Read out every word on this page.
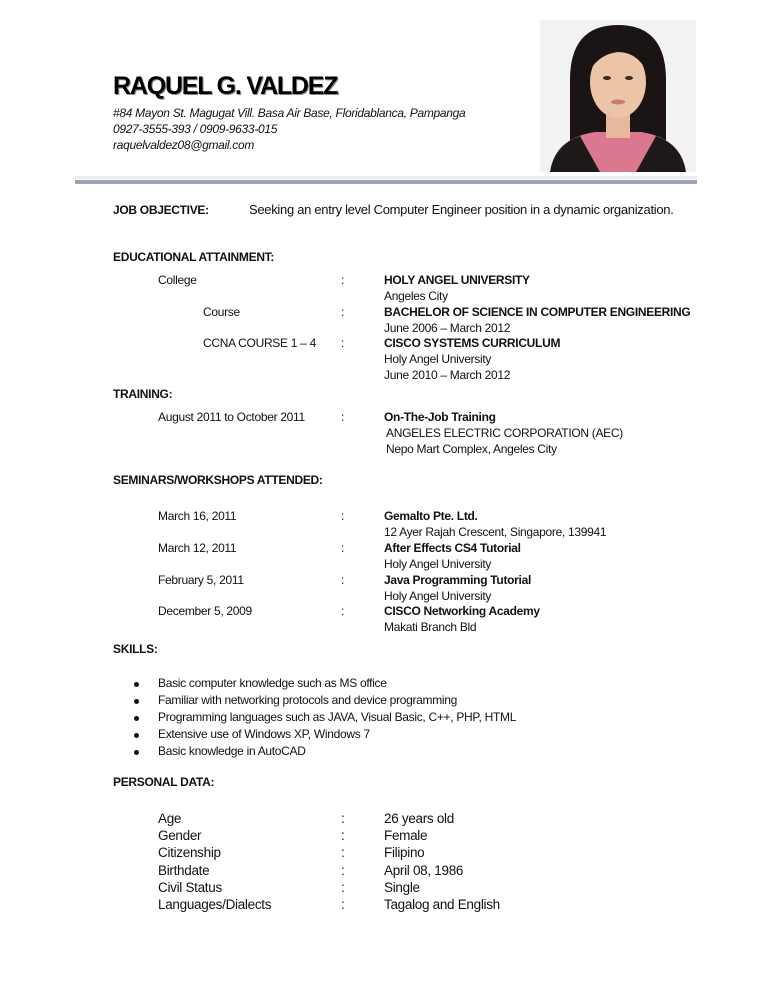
RAQUEL G. VALDEZ
#84 Mayon St. Magugat Vill. Basa Air Base, Floridablanca, Pampanga
0927-3555-393 / 0909-9633-015
raquelvaldez08@gmail.com
JOB OBJECTIVE:	Seeking an entry level Computer Engineer position in a dynamic organization.
EDUCATIONAL ATTAINMENT:
College	:	HOLY ANGEL UNIVERSITY
Angeles City
Course	:	BACHELOR OF SCIENCE IN COMPUTER ENGINEERING
June 2006 – March 2012
CCNA COURSE 1 – 4 :	CISCO SYSTEMS CURRICULUM
Holy Angel University
June 2010 – March 2012
TRAINING:
August 2011 to October 2011	:	On-The-Job Training
ANGELES ELECTRIC CORPORATION (AEC)
Nepo Mart Complex, Angeles City
SEMINARS/WORKSHOPS ATTENDED:
March 16, 2011	:	Gemalto Pte. Ltd.
12 Ayer Rajah Crescent, Singapore, 139941
March 12, 2011	:	After Effects CS4 Tutorial
Holy Angel University
February 5, 2011	:	Java Programming Tutorial
Holy Angel University
December 5, 2009	:	CISCO Networking Academy
Makati Branch Bld
SKILLS:
Basic computer knowledge such as MS office
Familiar with networking protocols and device programming
Programming languages such as JAVA, Visual Basic, C++, PHP, HTML
Extensive use of Windows XP, Windows 7
Basic knowledge in AutoCAD
PERSONAL DATA:
Age	:	26 years old
Gender	:	Female
Citizenship	:	Filipino
Birthdate	:	April 08, 1986
Civil Status	:	Single
Languages/Dialects	:	Tagalog and English
